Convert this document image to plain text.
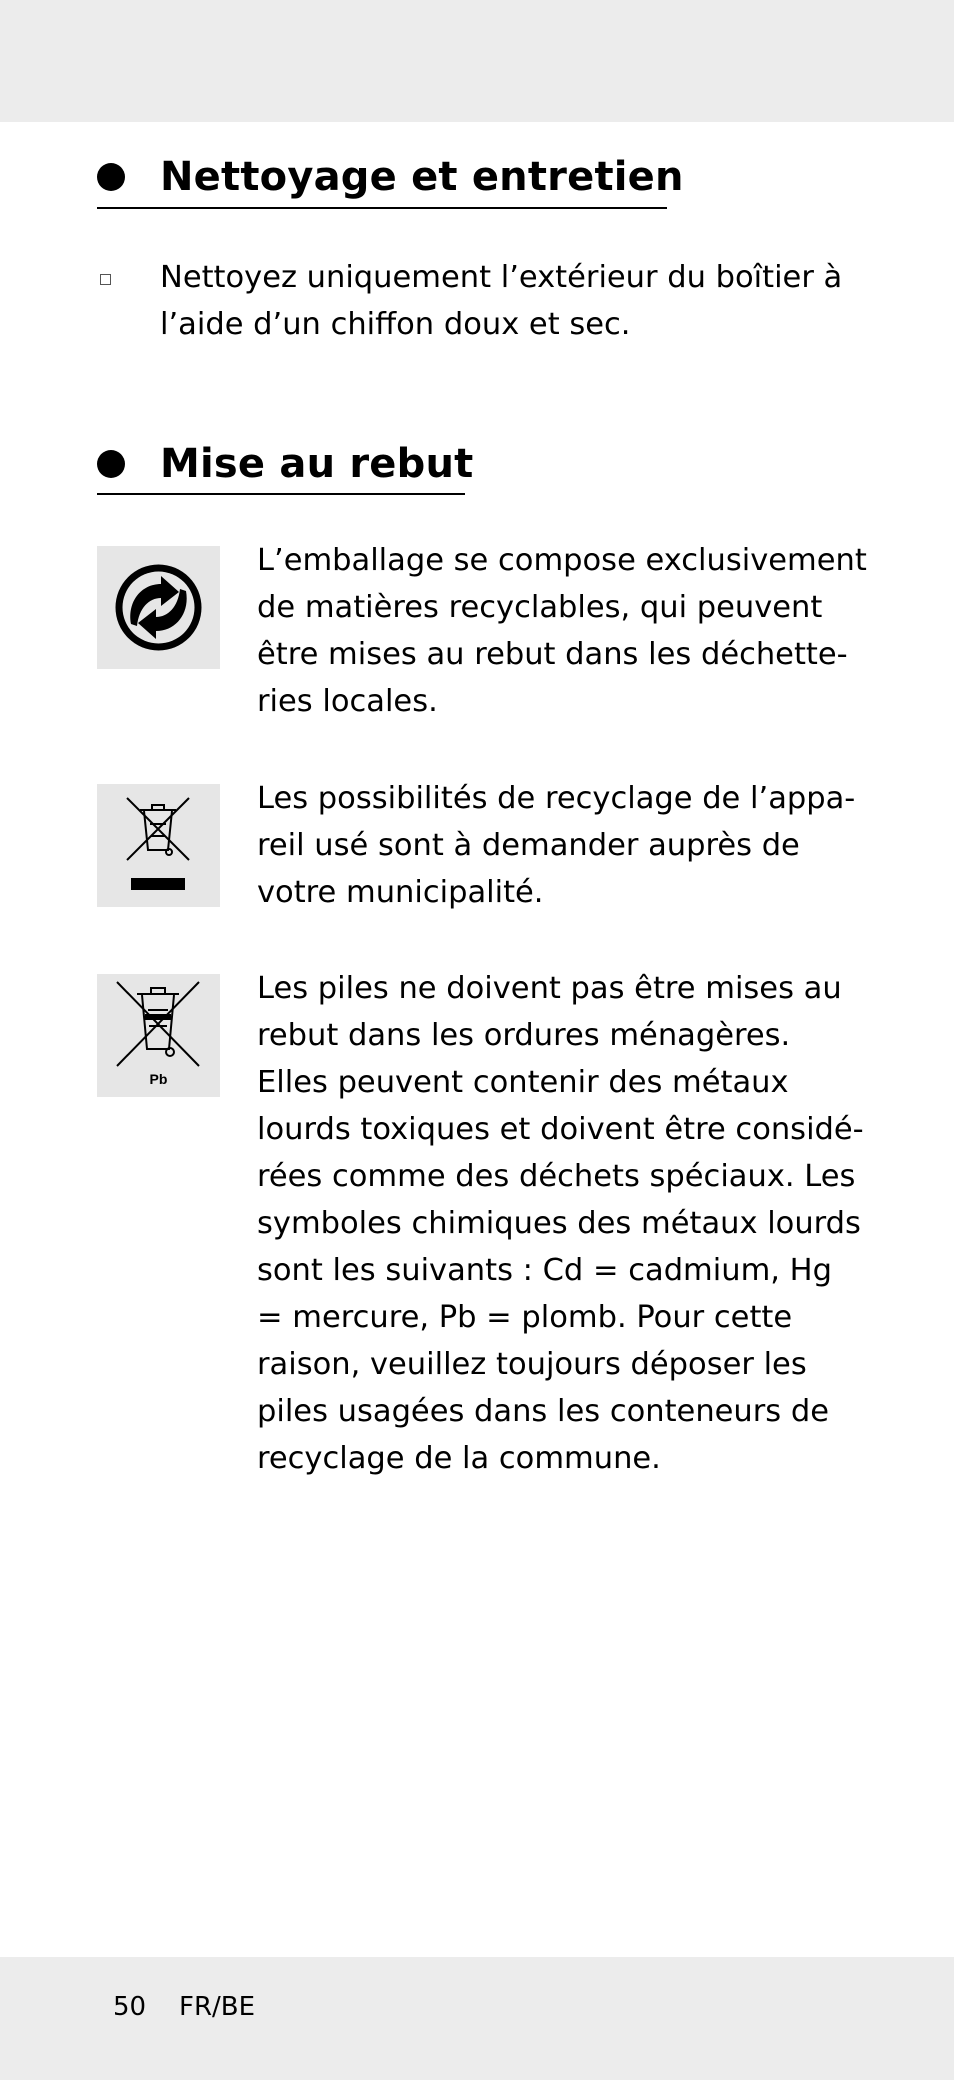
Nettoyage et entretien

Nettoyez uniquement l’extérieur du boîtier à
l’aide d’un chiffon doux et sec.

Mise au rebut

L’emballage se compose exclusivement
de matières recyclables, qui peuvent
être mises au rebut dans les déchette-
ries locales.

Les possibilités de recyclage de l’appa-
reil usé sont à demander auprès de
votre municipalité.

Pb

Les piles ne doivent pas être mises au
rebut dans les ordures ménagères.
Elles peuvent contenir des métaux
lourds toxiques et doivent être considé-
rées comme des déchets spéciaux. Les
symboles chimiques des métaux lourds
sont les suivants : Cd = cadmium, Hg
= mercure, Pb = plomb. Pour cette
raison, veuillez toujours déposer les
piles usagées dans les conteneurs de
recyclage de la commune.

50 FR/BE
